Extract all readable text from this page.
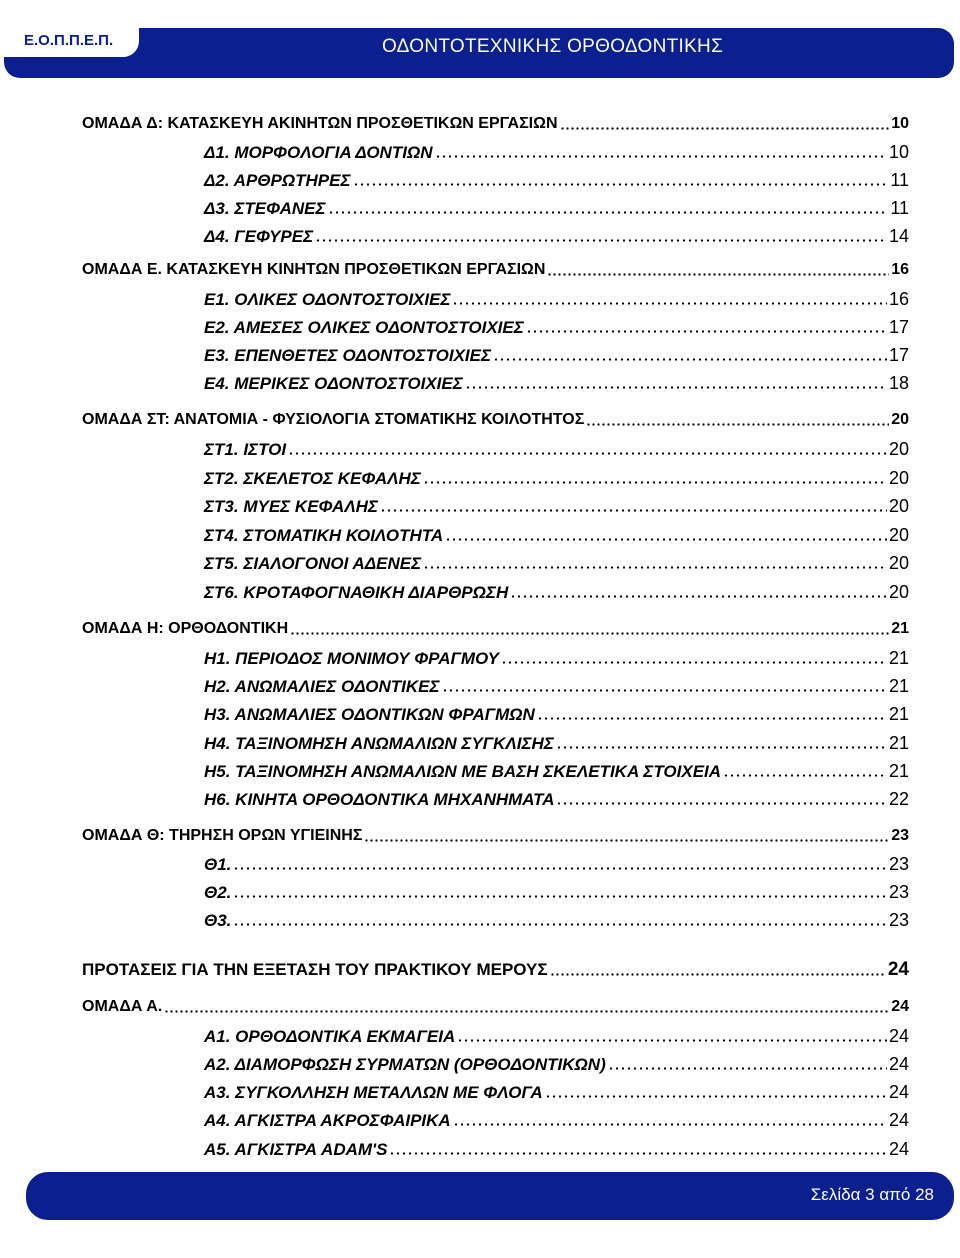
Ε.Ο.Π.Π.Ε.Π.	ΟΔΟΝΤΟΤΕΧΝΙΚΗΣ ΟΡΘΟΔΟΝΤΙΚΗΣ
ΟΜΑΔΑ Δ: ΚΑΤΑΣΚΕΥΗ ΑΚΙΝΗΤΩΝ ΠΡΟΣΘΕΤΙΚΩΝ ΕΡΓΑΣΙΩΝ	10
Δ1. ΜΟΡΦΟΛΟΓΙΑ ΔΟΝΤΙΩΝ	10
Δ2. ΑΡΘΡΩΤΗΡΕΣ	11
Δ3. ΣΤΕΦΑΝΕΣ	11
Δ4. ΓΕΦΥΡΕΣ	14
ΟΜΑΔΑ Ε. ΚΑΤΑΣΚΕΥΗ ΚΙΝΗΤΩΝ ΠΡΟΣΘΕΤΙΚΩΝ ΕΡΓΑΣΙΩΝ	16
Ε1. ΟΛΙΚΕΣ ΟΔΟΝΤΟΣΤΟΙΧΙΕΣ	16
Ε2. ΑΜΕΣΕΣ ΟΛΙΚΕΣ ΟΔΟΝΤΟΣΤΟΙΧΙΕΣ	17
Ε3. ΕΠΕΝΘΕΤΕΣ ΟΔΟΝΤΟΣΤΟΙΧΙΕΣ	17
Ε4. ΜΕΡΙΚΕΣ ΟΔΟΝΤΟΣΤΟΙΧΙΕΣ	18
ΟΜΑΔΑ ΣΤ: ΑΝΑΤΟΜΙΑ - ΦΥΣΙΟΛΟΓΙΑ ΣΤΟΜΑΤΙΚΗΣ ΚΟΙΛΟΤΗΤΟΣ	20
ΣΤ1. ΙΣΤΟΙ	20
ΣΤ2. ΣΚΕΛΕΤΟΣ ΚΕΦΑΛΗΣ	20
ΣΤ3. ΜΥΕΣ ΚΕΦΑΛΗΣ	20
ΣΤ4. ΣΤΟΜΑΤΙΚΗ ΚΟΙΛΟΤΗΤΑ	20
ΣΤ5. ΣΙΑΛΟΓΟΝΟΙ ΑΔΕΝΕΣ	20
ΣΤ6. ΚΡΟΤΑΦΟΓΝΑΘΙΚΗ ΔΙΑΡΘΡΩΣΗ	20
ΟΜΑΔΑ Η: ΟΡΘΟΔΟΝΤΙΚΗ	21
Η1. ΠΕΡΙΟΔΟΣ ΜΟΝΙΜΟΥ ΦΡΑΓΜΟΥ	21
Η2. ΑΝΩΜΑΛΙΕΣ ΟΔΟΝΤΙΚΕΣ	21
Η3. ΑΝΩΜΑΛΙΕΣ ΟΔΟΝΤΙΚΩΝ ΦΡΑΓΜΩΝ	21
Η4. ΤΑΞΙΝΟΜΗΣΗ ΑΝΩΜΑΛΙΩΝ ΣΥΓΚΛΙΣΗΣ	21
Η5. ΤΑΞΙΝΟΜΗΣΗ ΑΝΩΜΑΛΙΩΝ ΜΕ ΒΑΣΗ ΣΚΕΛΕΤΙΚΑ ΣΤΟΙΧΕΙΑ	21
Η6. ΚΙΝΗΤΑ ΟΡΘΟΔΟΝΤΙΚΑ ΜΗΧΑΝΗΜΑΤΑ	22
ΟΜΑΔΑ Θ: ΤΗΡΗΣΗ ΟΡΩΝ ΥΓΙΕΙΝΗΣ	23
Θ1.	23
Θ2.	23
Θ3.	23
ΠΡΟΤΑΣΕΙΣ ΓΙΑ ΤΗΝ ΕΞΕΤΑΣΗ ΤΟΥ ΠΡΑΚΤΙΚΟΥ ΜΕΡΟΥΣ	24
ΟΜΑΔΑ Α.	24
Α1. ΟΡΘΟΔΟΝΤΙΚΑ ΕΚΜΑΓΕΙΑ	24
Α2. ΔΙΑΜΟΡΦΩΣΗ ΣΥΡΜΑΤΩΝ (ΟΡΘΟΔΟΝΤΙΚΩΝ)	24
Α3. ΣΥΓΚΟΛΛΗΣΗ ΜΕΤΑΛΛΩΝ ΜΕ ΦΛΟΓΑ	24
Α4. ΑΓΚΙΣΤΡΑ ΑΚΡΟΣΦΑΙΡΙΚΑ	24
Α5. ΑΓΚΙΣΤΡΑ ADAM'S	24
Σελίδα 3 από 28
